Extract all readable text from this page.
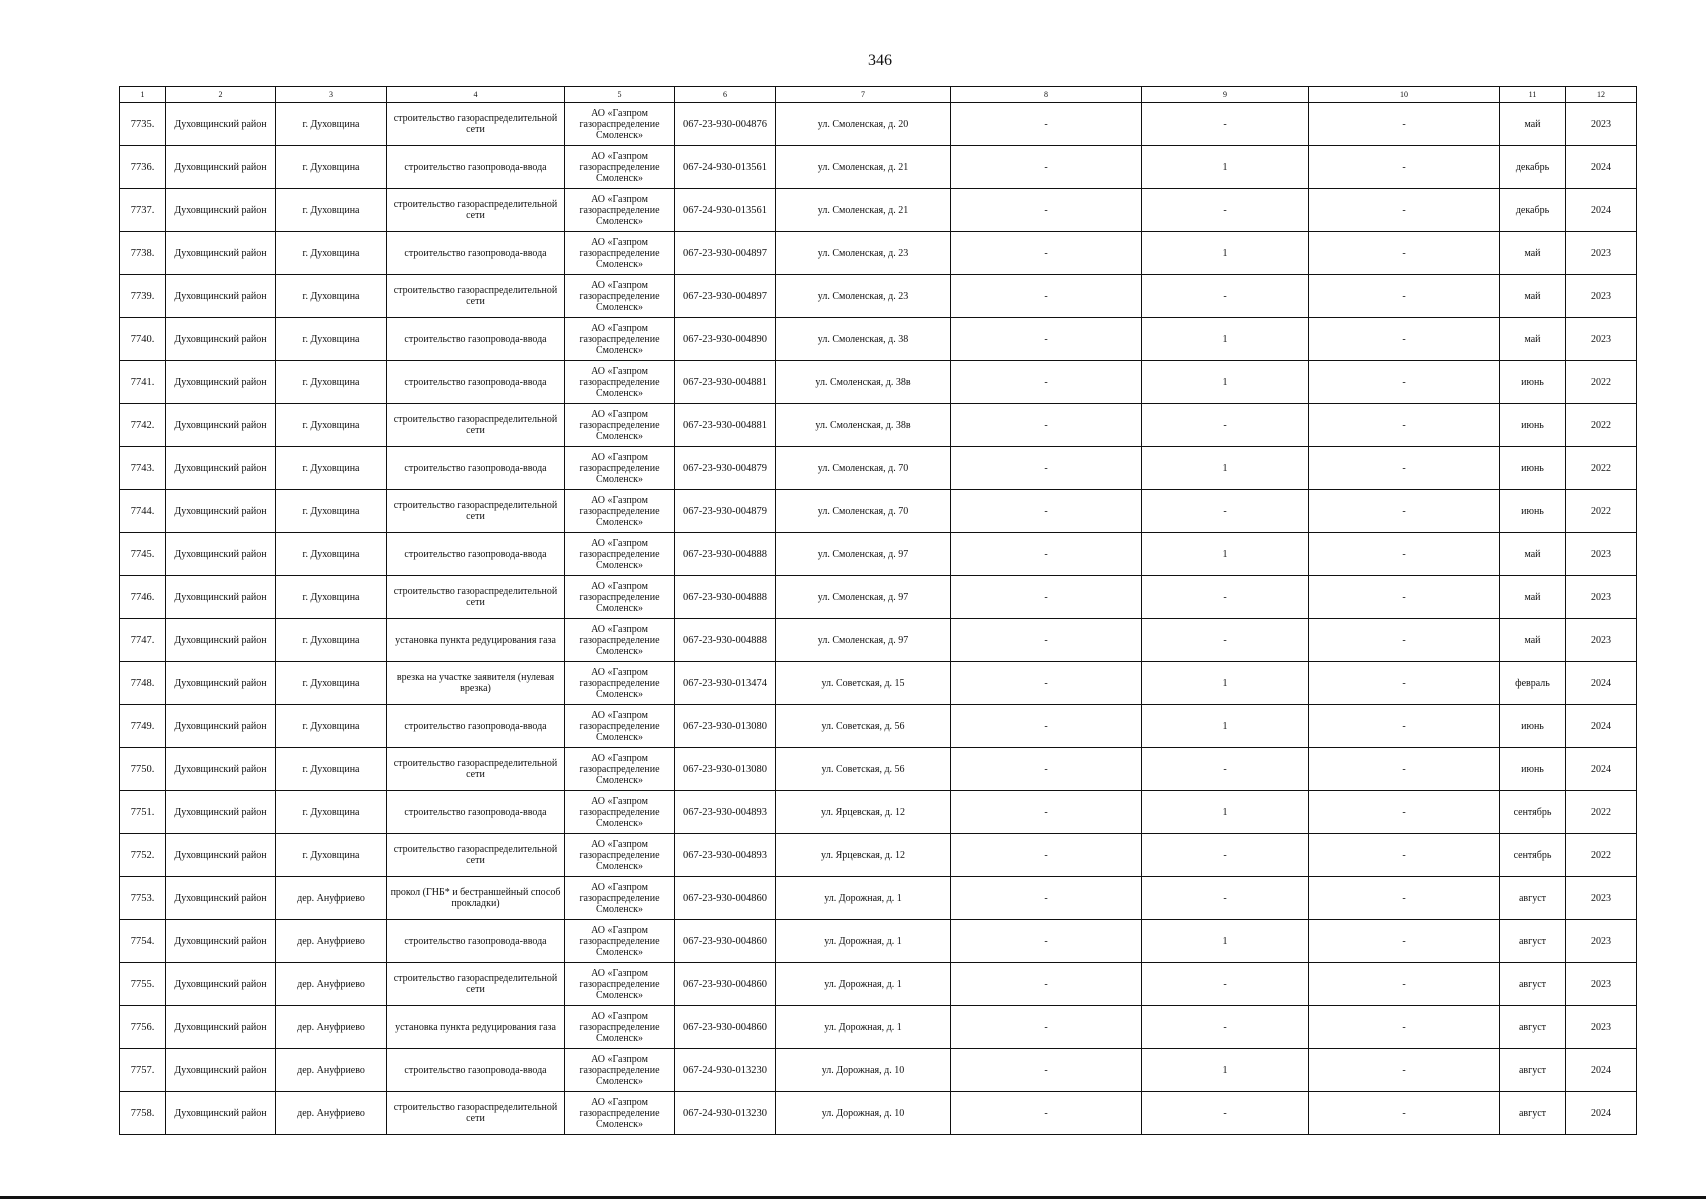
346
1	2	3	4	5	6	7	8	9	10	11	12
7735.	Духовщинский район	г. Духовщина	строительство газораспределительной сети	АО «Газпром газораспределение Смоленск»	067-23-930-004876	ул. Смоленская, д. 20	-	-	-	май	2023
7736.	Духовщинский район	г. Духовщина	строительство газопровода-ввода	АО «Газпром газораспределение Смоленск»	067-24-930-013561	ул. Смоленская, д. 21	-	1	-	декабрь	2024
7737.	Духовщинский район	г. Духовщина	строительство газораспределительной сети	АО «Газпром газораспределение Смоленск»	067-24-930-013561	ул. Смоленская, д. 21	-	-	-	декабрь	2024
7738.	Духовщинский район	г. Духовщина	строительство газопровода-ввода	АО «Газпром газораспределение Смоленск»	067-23-930-004897	ул. Смоленская, д. 23	-	1	-	май	2023
7739.	Духовщинский район	г. Духовщина	строительство газораспределительной сети	АО «Газпром газораспределение Смоленск»	067-23-930-004897	ул. Смоленская, д. 23	-	-	-	май	2023
7740.	Духовщинский район	г. Духовщина	строительство газопровода-ввода	АО «Газпром газораспределение Смоленск»	067-23-930-004890	ул. Смоленская, д. 38	-	1	-	май	2023
7741.	Духовщинский район	г. Духовщина	строительство газопровода-ввода	АО «Газпром газораспределение Смоленск»	067-23-930-004881	ул. Смоленская, д. 38в	-	1	-	июнь	2022
7742.	Духовщинский район	г. Духовщина	строительство газораспределительной сети	АО «Газпром газораспределение Смоленск»	067-23-930-004881	ул. Смоленская, д. 38в	-	-	-	июнь	2022
7743.	Духовщинский район	г. Духовщина	строительство газопровода-ввода	АО «Газпром газораспределение Смоленск»	067-23-930-004879	ул. Смоленская, д. 70	-	1	-	июнь	2022
7744.	Духовщинский район	г. Духовщина	строительство газораспределительной сети	АО «Газпром газораспределение Смоленск»	067-23-930-004879	ул. Смоленская, д. 70	-	-	-	июнь	2022
7745.	Духовщинский район	г. Духовщина	строительство газопровода-ввода	АО «Газпром газораспределение Смоленск»	067-23-930-004888	ул. Смоленская, д. 97	-	1	-	май	2023
7746.	Духовщинский район	г. Духовщина	строительство газораспределительной сети	АО «Газпром газораспределение Смоленск»	067-23-930-004888	ул. Смоленская, д. 97	-	-	-	май	2023
7747.	Духовщинский район	г. Духовщина	установка пункта редуцирования газа	АО «Газпром газораспределение Смоленск»	067-23-930-004888	ул. Смоленская, д. 97	-	-	-	май	2023
7748.	Духовщинский район	г. Духовщина	врезка на участке заявителя (нулевая врезка)	АО «Газпром газораспределение Смоленск»	067-23-930-013474	ул. Советская, д. 15	-	1	-	февраль	2024
7749.	Духовщинский район	г. Духовщина	строительство газопровода-ввода	АО «Газпром газораспределение Смоленск»	067-23-930-013080	ул. Советская, д. 56	-	1	-	июнь	2024
7750.	Духовщинский район	г. Духовщина	строительство газораспределительной сети	АО «Газпром газораспределение Смоленск»	067-23-930-013080	ул. Советская, д. 56	-	-	-	июнь	2024
7751.	Духовщинский район	г. Духовщина	строительство газопровода-ввода	АО «Газпром газораспределение Смоленск»	067-23-930-004893	ул. Ярцевская, д. 12	-	1	-	сентябрь	2022
7752.	Духовщинский район	г. Духовщина	строительство газораспределительной сети	АО «Газпром газораспределение Смоленск»	067-23-930-004893	ул. Ярцевская, д. 12	-	-	-	сентябрь	2022
7753.	Духовщинский район	дер. Ануфриево	прокол (ГНБ* и бестраншейный способ прокладки)	АО «Газпром газораспределение Смоленск»	067-23-930-004860	ул. Дорожная, д. 1	-	-	-	август	2023
7754.	Духовщинский район	дер. Ануфриево	строительство газопровода-ввода	АО «Газпром газораспределение Смоленск»	067-23-930-004860	ул. Дорожная, д. 1	-	1	-	август	2023
7755.	Духовщинский район	дер. Ануфриево	строительство газораспределительной сети	АО «Газпром газораспределение Смоленск»	067-23-930-004860	ул. Дорожная, д. 1	-	-	-	август	2023
7756.	Духовщинский район	дер. Ануфриево	установка пункта редуцирования газа	АО «Газпром газораспределение Смоленск»	067-23-930-004860	ул. Дорожная, д. 1	-	-	-	август	2023
7757.	Духовщинский район	дер. Ануфриево	строительство газопровода-ввода	АО «Газпром газораспределение Смоленск»	067-24-930-013230	ул. Дорожная, д. 10	-	1	-	август	2024
7758.	Духовщинский район	дер. Ануфриево	строительство газораспределительной сети	АО «Газпром газораспределение Смоленск»	067-24-930-013230	ул. Дорожная, д. 10	-	-	-	август	2024
